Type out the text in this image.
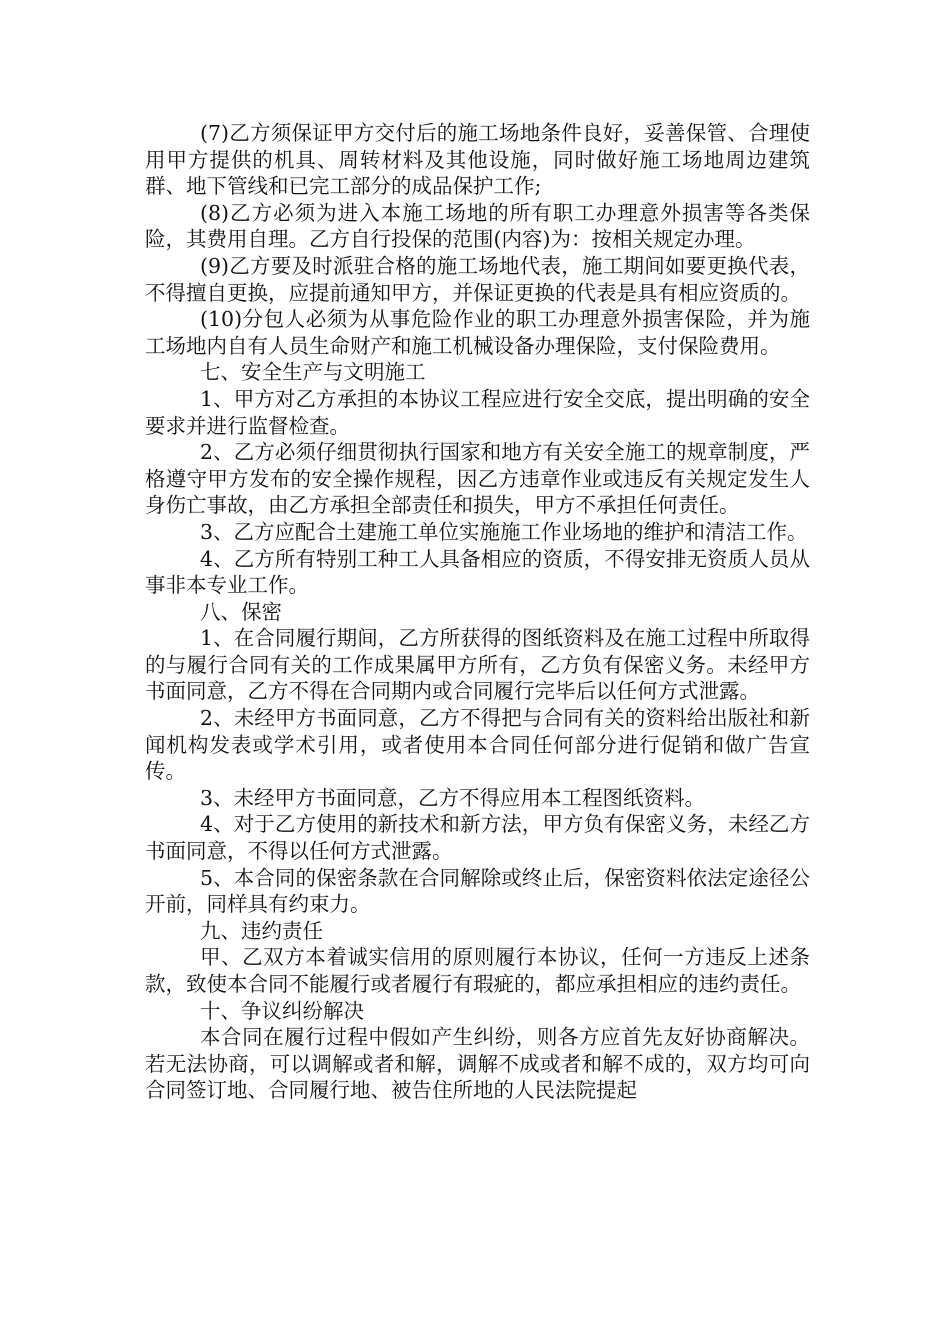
(7)乙方须保证甲方交付后的施工场地条件良好，妥善保管、合理使用甲方提供的机具、周转材料及其他设施，同时做好施工场地周边建筑群、地下管线和已完工部分的成品保护工作;

(8)乙方必须为进入本施工场地的所有职工办理意外损害等各类保险，其费用自理。乙方自行投保的范围(内容)为：按相关规定办理。

(9)乙方要及时派驻合格的施工场地代表，施工期间如要更换代表，不得擅自更换，应提前通知甲方，并保证更换的代表是具有相应资质的。

(10)分包人必须为从事危险作业的职工办理意外损害保险，并为施工场地内自有人员生命财产和施工机械设备办理保险，支付保险费用。

七、安全生产与文明施工

1、甲方对乙方承担的本协议工程应进行安全交底，提出明确的安全要求并进行监督检查。

2、乙方必须仔细贯彻执行国家和地方有关安全施工的规章制度，严格遵守甲方发布的安全操作规程，因乙方违章作业或违反有关规定发生人身伤亡事故，由乙方承担全部责任和损失，甲方不承担任何责任。

3、乙方应配合土建施工单位实施施工作业场地的维护和清洁工作。

4、乙方所有特别工种工人具备相应的资质，不得安排无资质人员从事非本专业工作。

八、保密

1、在合同履行期间，乙方所获得的图纸资料及在施工过程中所取得的与履行合同有关的工作成果属甲方所有，乙方负有保密义务。未经甲方书面同意，乙方不得在合同期内或合同履行完毕后以任何方式泄露。

2、未经甲方书面同意，乙方不得把与合同有关的资料给出版社和新闻机构发表或学术引用，或者使用本合同任何部分进行促销和做广告宣传。

3、未经甲方书面同意，乙方不得应用本工程图纸资料。

4、对于乙方使用的新技术和新方法，甲方负有保密义务，未经乙方书面同意，不得以任何方式泄露。

5、本合同的保密条款在合同解除或终止后，保密资料依法定途径公开前，同样具有约束力。

九、违约责任

甲、乙双方本着诚实信用的原则履行本协议，任何一方违反上述条款，致使本合同不能履行或者履行有瑕疵的，都应承担相应的违约责任。

十、争议纠纷解决

本合同在履行过程中假如产生纠纷，则各方应首先友好协商解决。若无法协商，可以调解或者和解，调解不成或者和解不成的，双方均可向合同签订地、合同履行地、被告住所地的人民法院提起
